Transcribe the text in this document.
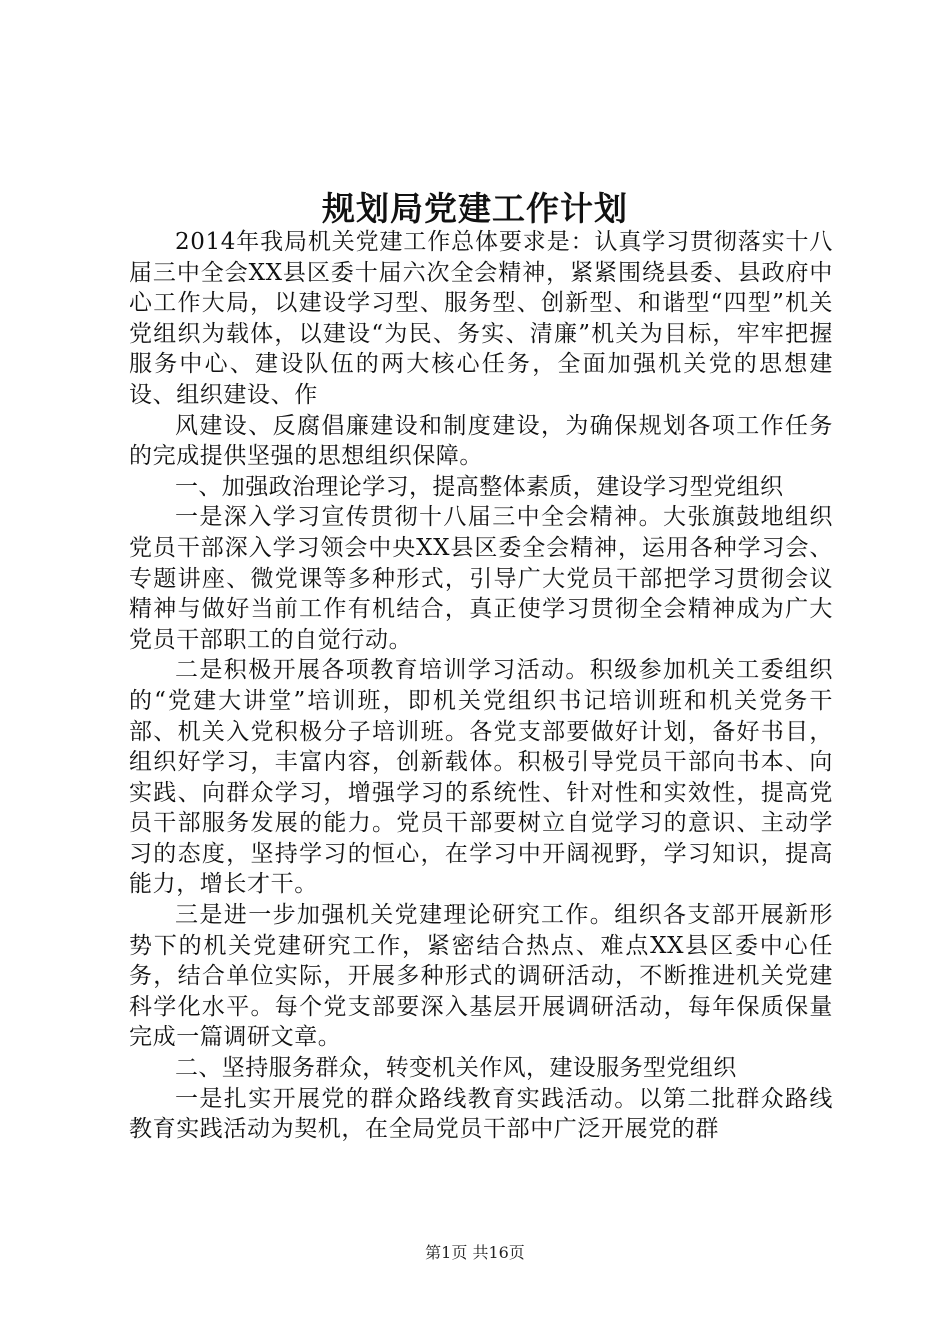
规划局党建工作计划

2014年我局机关党建工作总体要求是：认真学习贯彻落实十八届三中全会XX县区委十届六次全会精神，紧紧围绕县委、县政府中心工作大局，以建设学习型、服务型、创新型、和谐型“四型”机关党组织为载体，以建设“为民、务实、清廉”机关为目标，牢牢把握服务中心、建设队伍的两大核心任务，全面加强机关党的思想建设、组织建设、作

风建设、反腐倡廉建设和制度建设，为确保规划各项工作任务的完成提供坚强的思想组织保障。

一、加强政治理论学习，提高整体素质，建设学习型党组织

一是深入学习宣传贯彻十八届三中全会精神。大张旗鼓地组织党员干部深入学习领会中央XX县区委全会精神，运用各种学习会、专题讲座、微党课等多种形式，引导广大党员干部把学习贯彻会议精神与做好当前工作有机结合，真正使学习贯彻全会精神成为广大党员干部职工的自觉行动。

二是积极开展各项教育培训学习活动。积级参加机关工委组织的“党建大讲堂”培训班，即机关党组织书记培训班和机关党务干部、机关入党积极分子培训班。各党支部要做好计划，备好书目，组织好学习，丰富内容，创新载体。积极引导党员干部向书本、向实践、向群众学习，增强学习的系统性、针对性和实效性，提高党员干部服务发展的能力。党员干部要树立自觉学习的意识、主动学习的态度，坚持学习的恒心，在学习中开阔视野，学习知识，提高能力，增长才干。

三是进一步加强机关党建理论研究工作。组织各支部开展新形势下的机关党建研究工作，紧密结合热点、难点XX县区委中心任务，结合单位实际，开展多种形式的调研活动，不断推进机关党建科学化水平。每个党支部要深入基层开展调研活动，每年保质保量完成一篇调研文章。

二、坚持服务群众，转变机关作风，建设服务型党组织

一是扎实开展党的群众路线教育实践活动。以第二批群众路线教育实践活动为契机，在全局党员干部中广泛开展党的群

第1页 共16页
